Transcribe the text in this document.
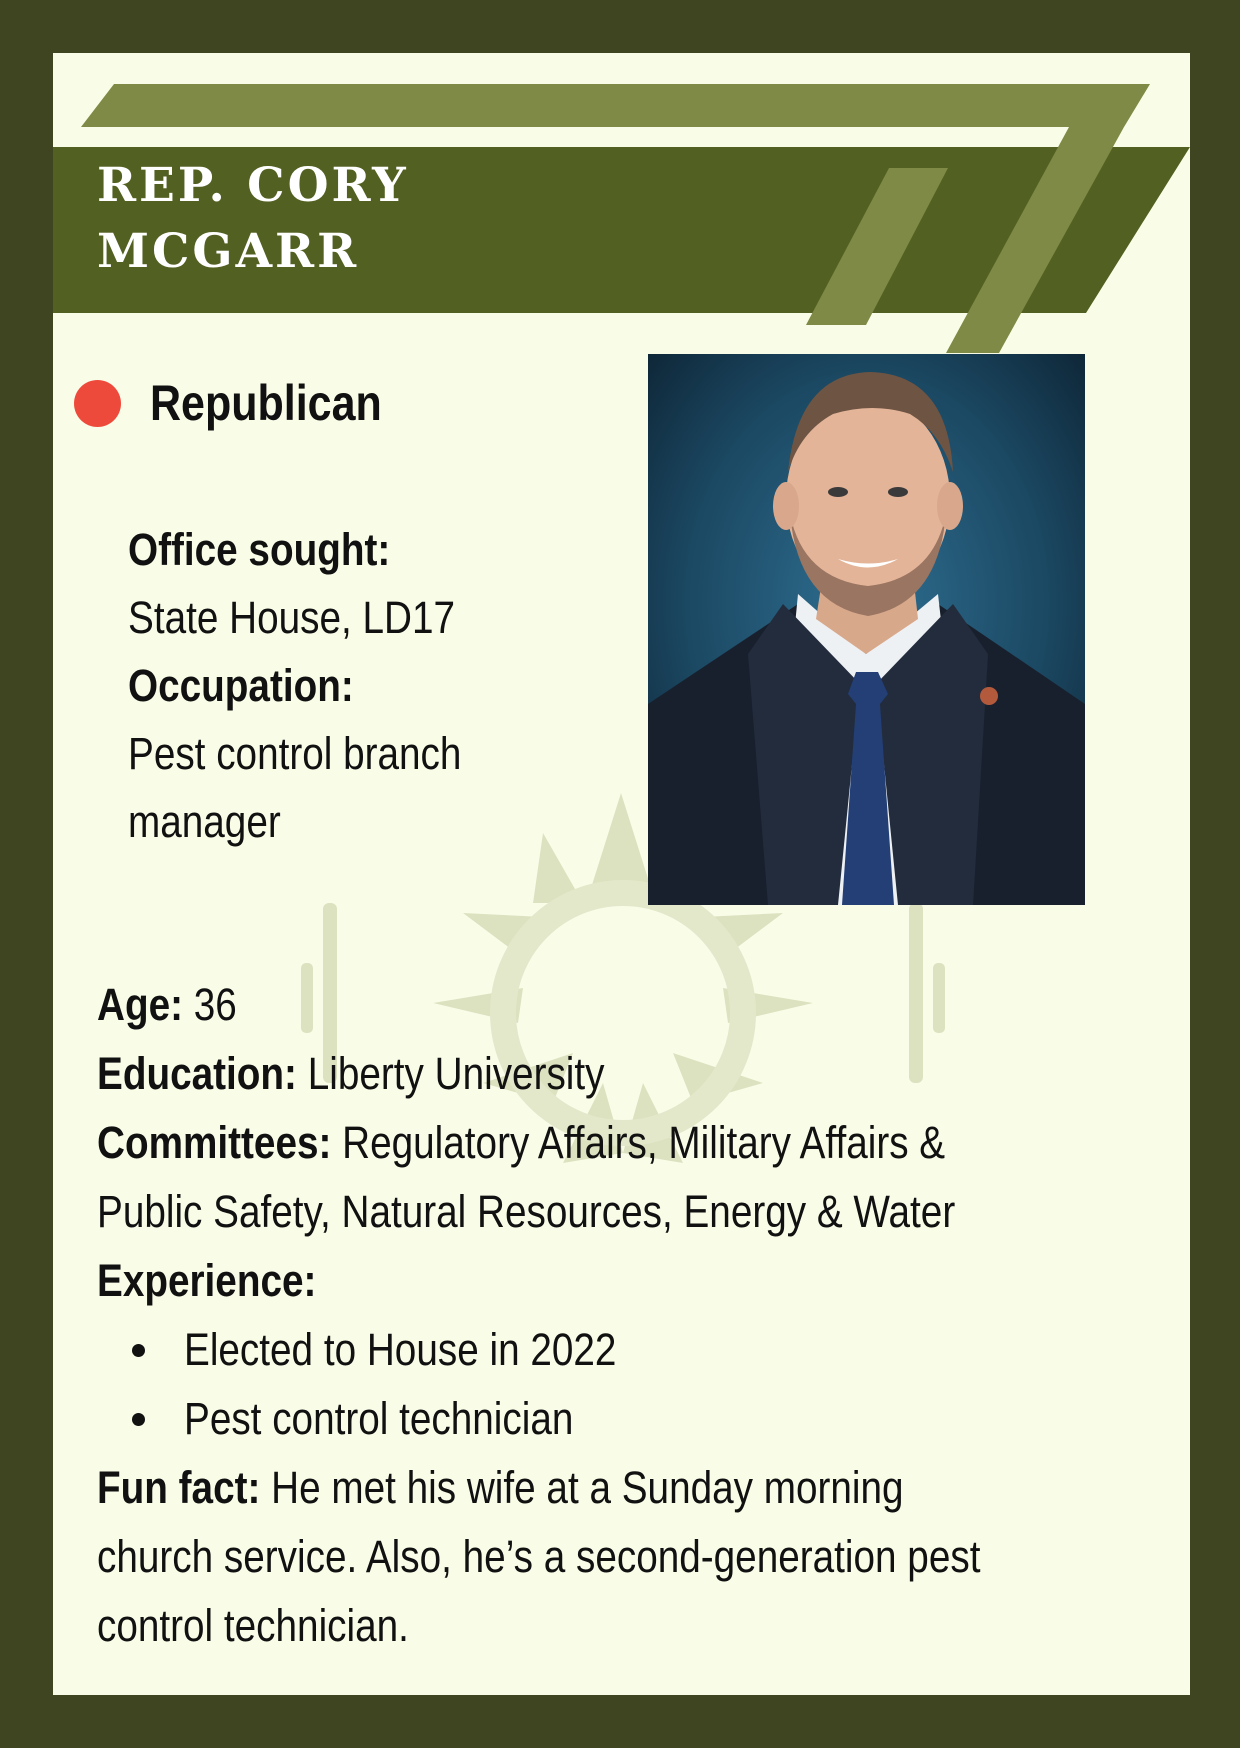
REP. CORY
MCGARR
Republican
Office sought:
State House, LD17
Occupation:
Pest control branch
manager
Age: 36
Education: Liberty University
Committees: Regulatory Affairs, Military Affairs &
Public Safety, Natural Resources, Energy & Water
Experience:
Elected to House in 2022
Pest control technician
Fun fact: He met his wife at a Sunday morning
church service. Also, he’s a second-generation pest
control technician.
